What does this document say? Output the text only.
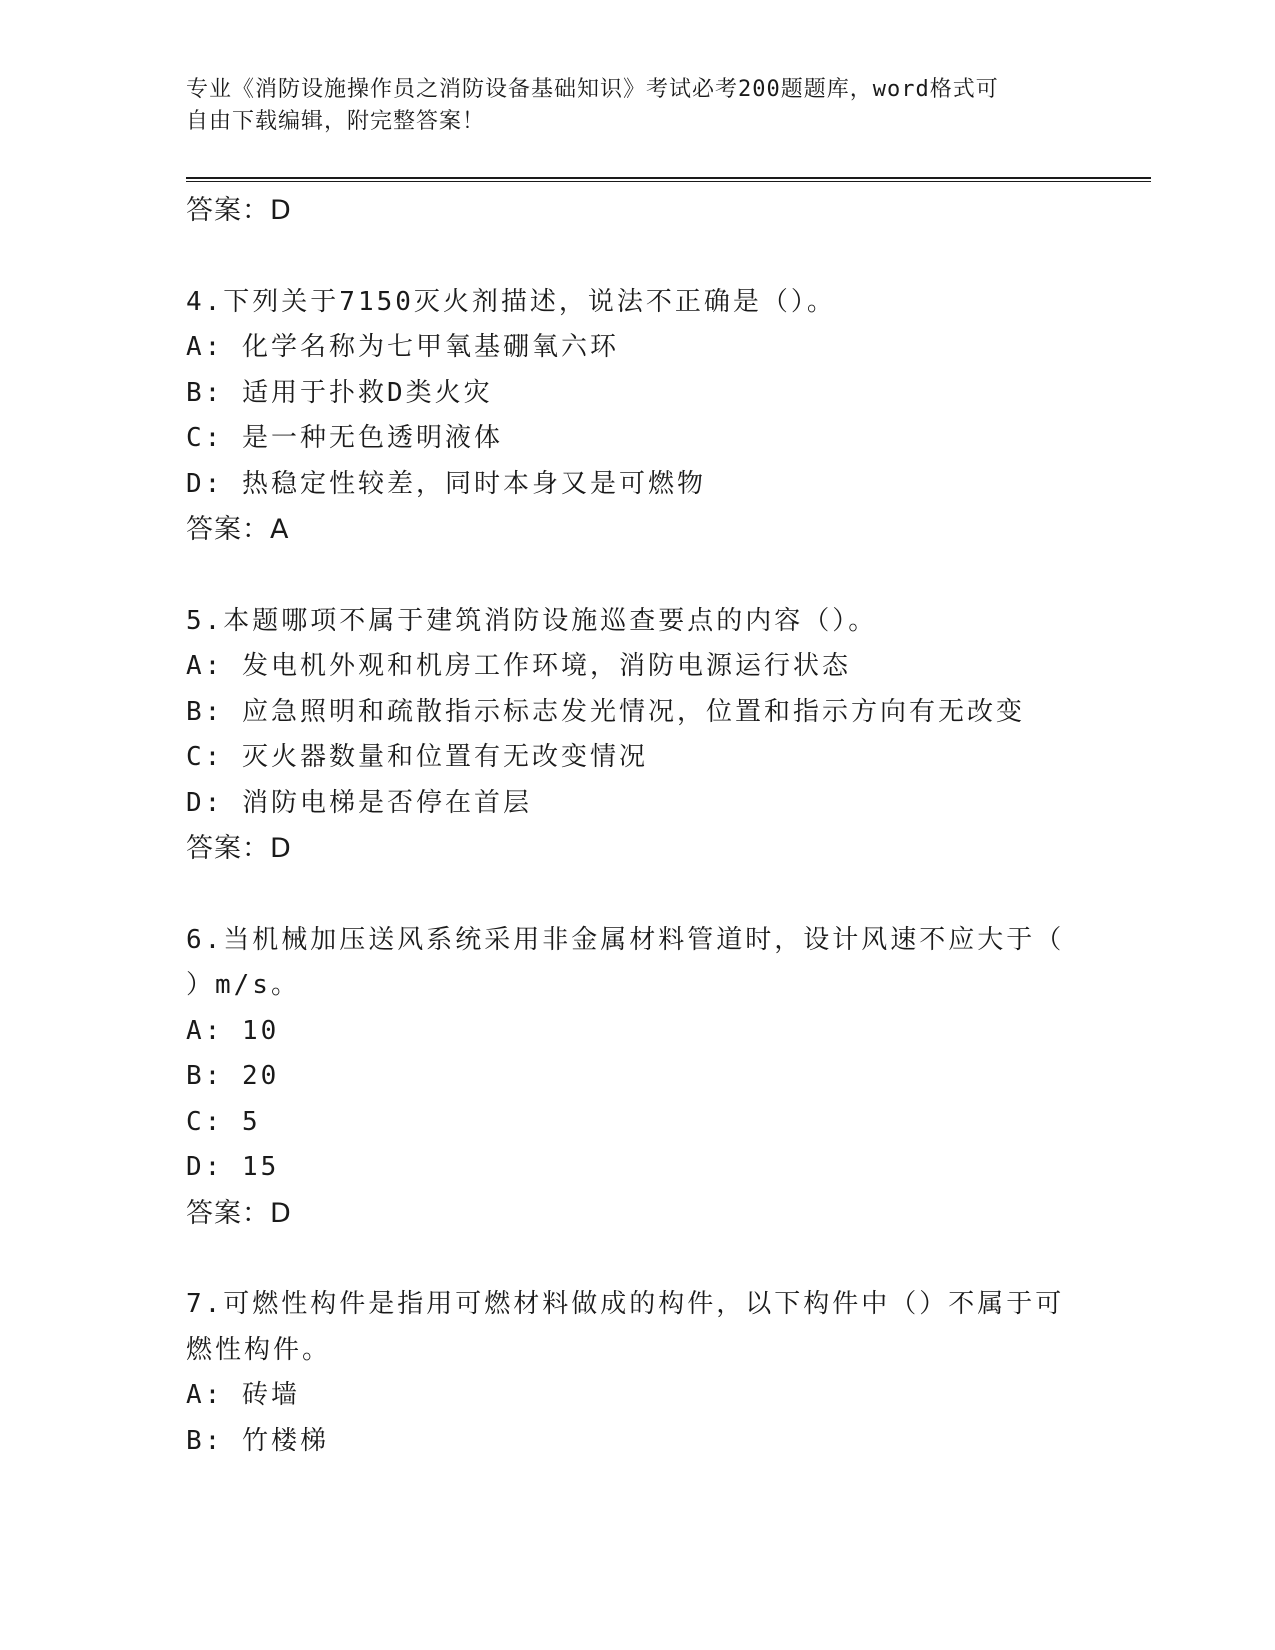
专业《消防设施操作员之消防设备基础知识》考试必考200题题库，word格式可
自由下载编辑，附完整答案！
答案：D
4.下列关于7150灭火剂描述，说法不正确是（）。
A: 化学名称为七甲氧基硼氧六环
B: 适用于扑救D类火灾
C: 是一种无色透明液体
D: 热稳定性较差，同时本身又是可燃物
答案：A
5.本题哪项不属于建筑消防设施巡查要点的内容（）。
A: 发电机外观和机房工作环境，消防电源运行状态
B: 应急照明和疏散指示标志发光情况，位置和指示方向有无改变
C: 灭火器数量和位置有无改变情况
D: 消防电梯是否停在首层
答案：D
6.当机械加压送风系统采用非金属材料管道时，设计风速不应大于（
）m/s。
A: 10
B: 20
C: 5
D: 15
答案：D
7.可燃性构件是指用可燃材料做成的构件，以下构件中（）不属于可
燃性构件。
A: 砖墙
B: 竹楼梯
